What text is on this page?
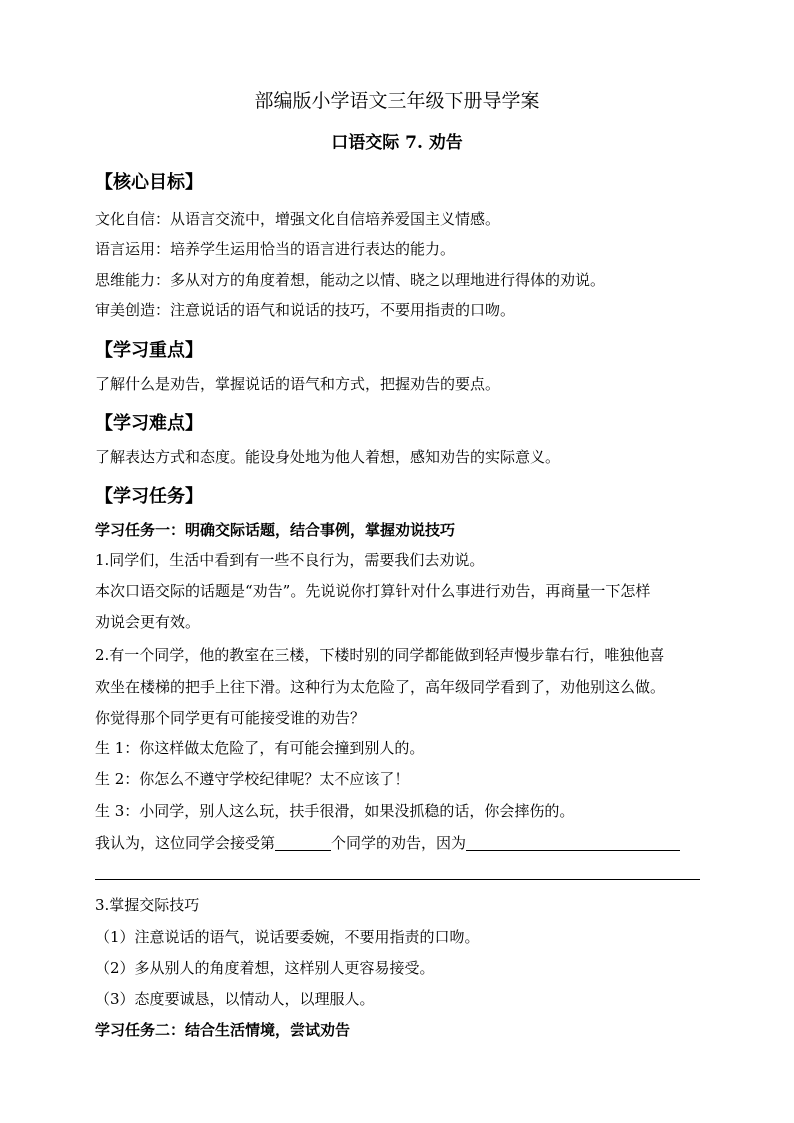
部编版小学语文三年级下册导学案
口语交际 7. 劝告
【核心目标】
文化自信：从语言交流中，增强文化自信培养爱国主义情感。
语言运用：培养学生运用恰当的语言进行表达的能力。
思维能力：多从对方的角度着想，能动之以情、晓之以理地进行得体的劝说。
审美创造：注意说话的语气和说话的技巧，不要用指责的口吻。
【学习重点】
了解什么是劝告，掌握说话的语气和方式，把握劝告的要点。
【学习难点】
了解表达方式和态度。能设身处地为他人着想，感知劝告的实际意义。
【学习任务】
学习任务一：明确交际话题，结合事例，掌握劝说技巧
1.同学们，生活中看到有一些不良行为，需要我们去劝说。
本次口语交际的话题是“劝告”。先说说你打算针对什么事进行劝告，再商量一下怎样
劝说会更有效。
2.有一个同学，他的教室在三楼，下楼时别的同学都能做到轻声慢步靠右行，唯独他喜
欢坐在楼梯的把手上往下滑。这种行为太危险了，高年级同学看到了，劝他别这么做。
你觉得那个同学更有可能接受谁的劝告？
生 1：你这样做太危险了，有可能会撞到别人的。
生 2：你怎么不遵守学校纪律呢？太不应该了！
生 3：小同学，别人这么玩，扶手很滑，如果没抓稳的话，你会摔伤的。
我认为，这位同学会接受第	个同学的劝告，因为
3.掌握交际技巧
（1）注意说话的语气，说话要委婉，不要用指责的口吻。
（2）多从别人的角度着想，这样别人更容易接受。
（3）态度要诚恳，以情动人，以理服人。
学习任务二：结合生活情境，尝试劝告
